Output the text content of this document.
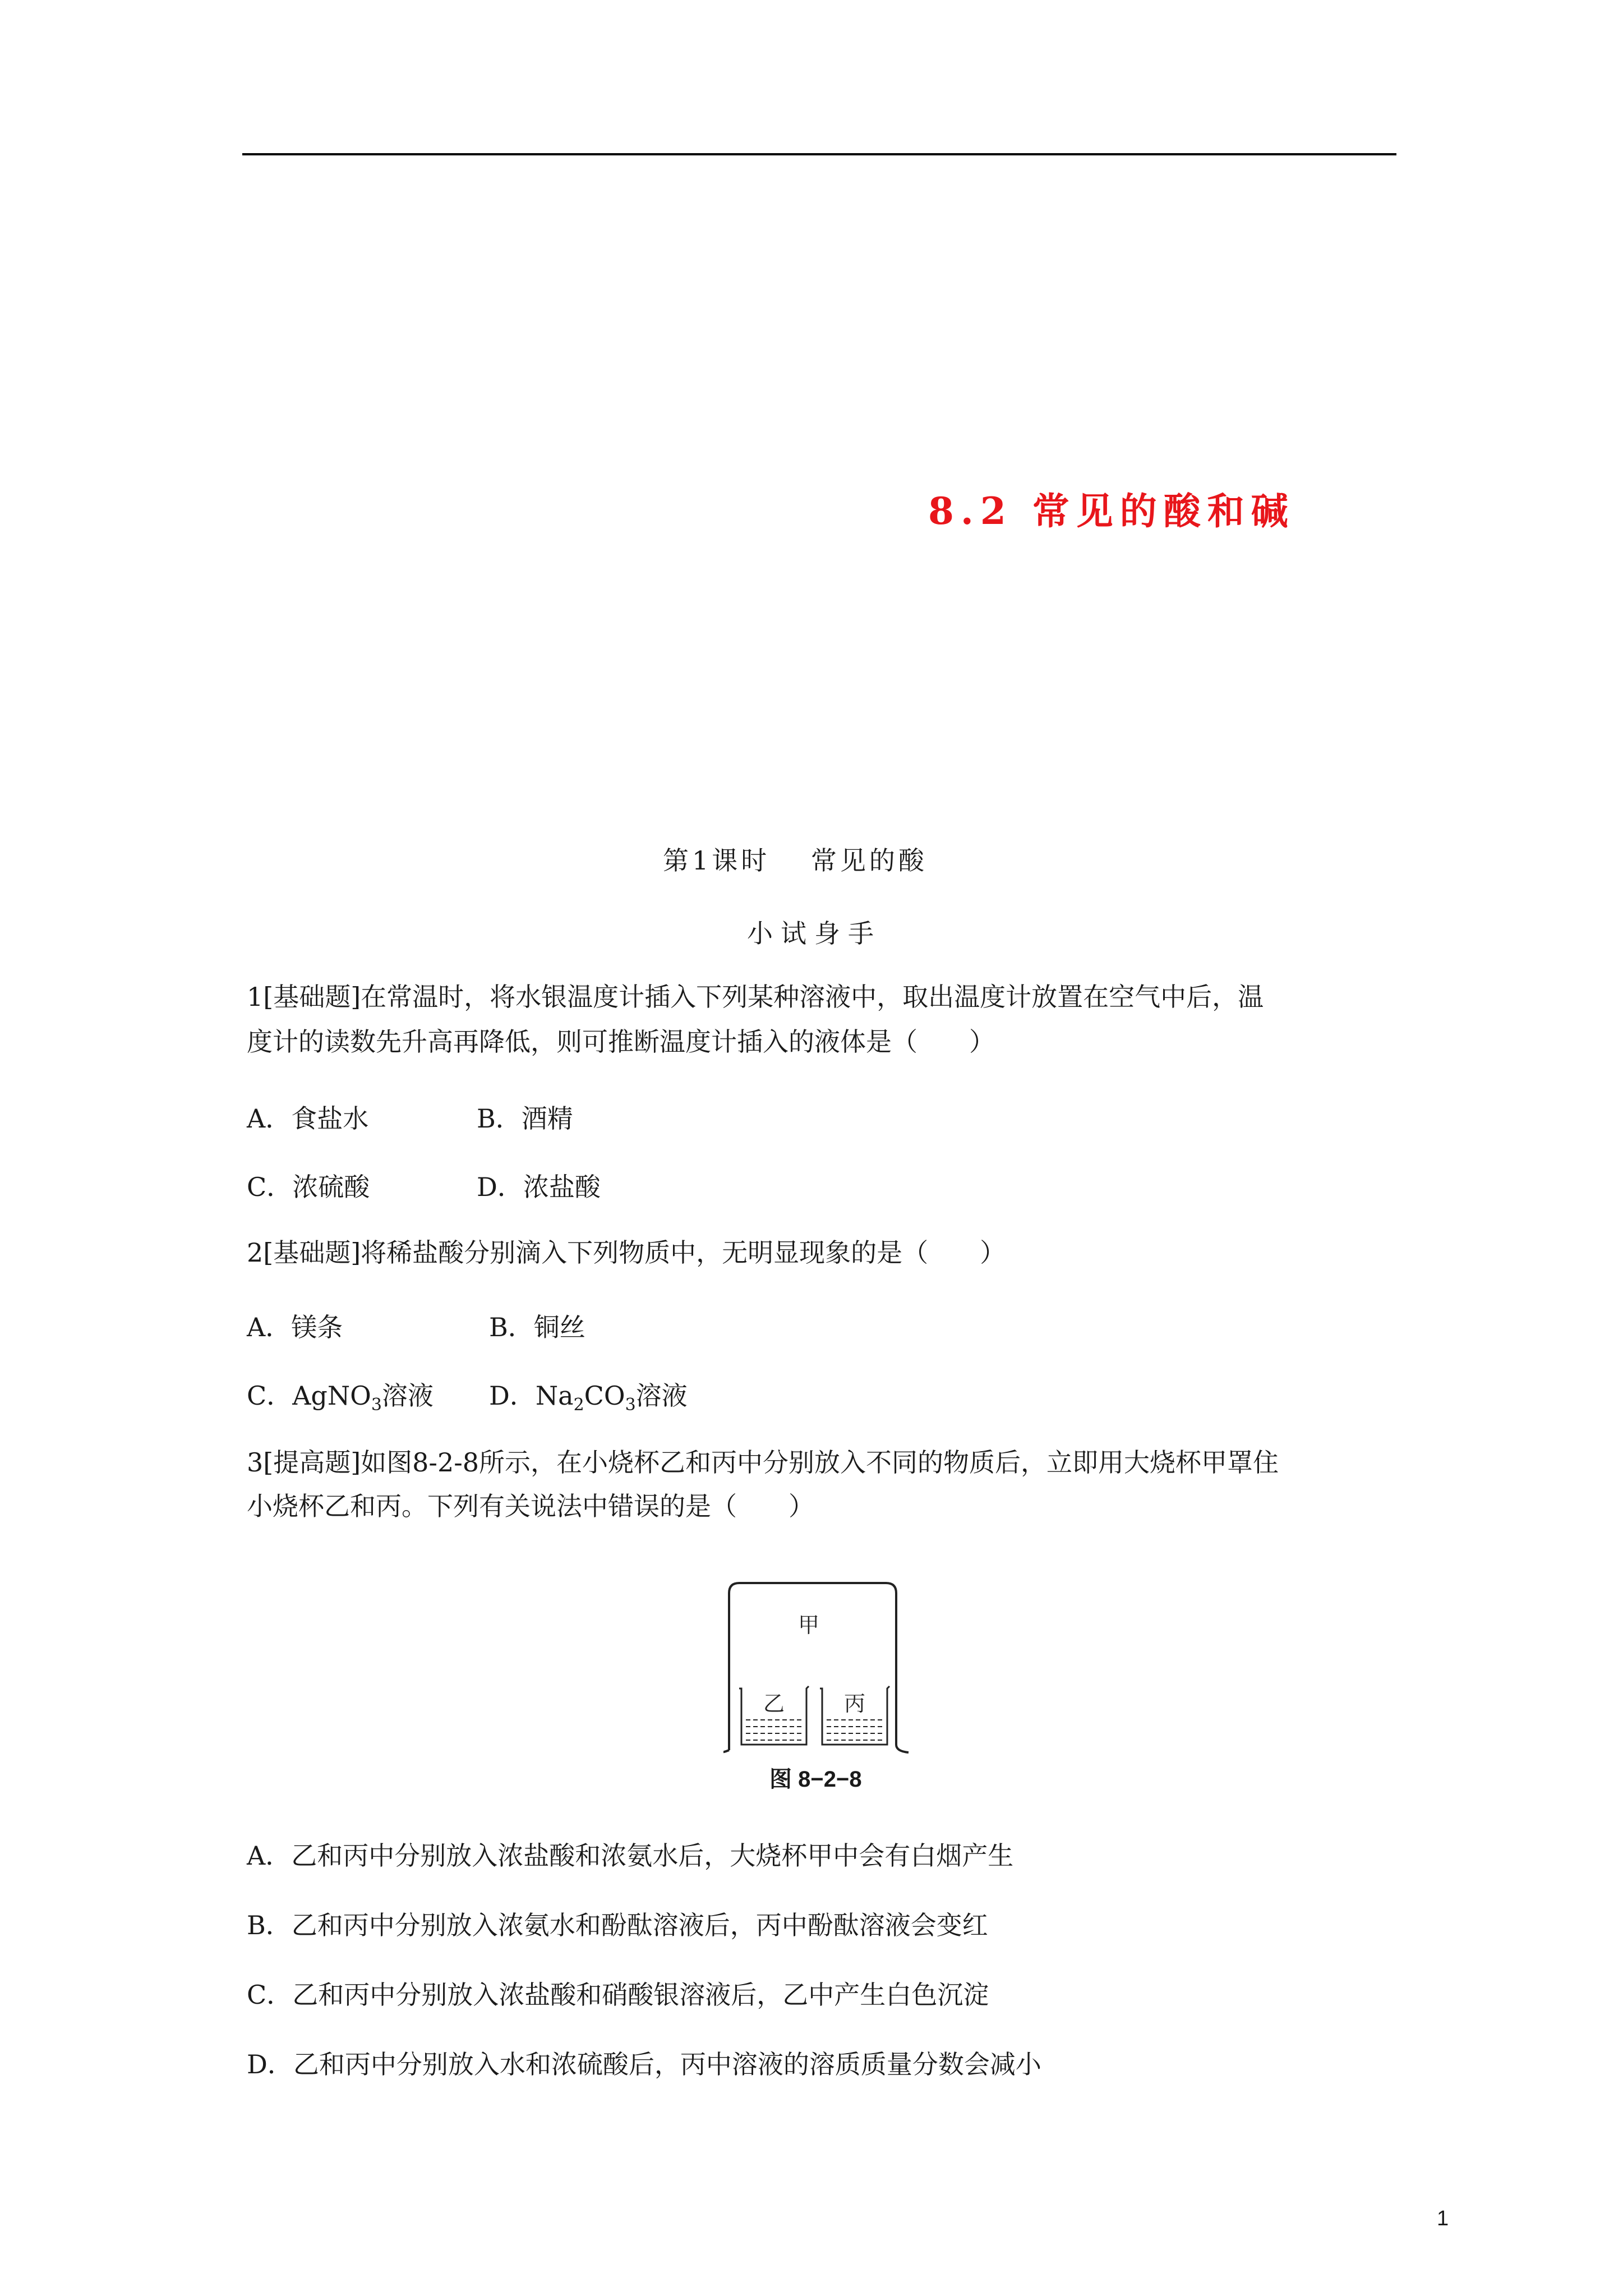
8.2 常见的酸和碱
第1课时　 常见的酸
小试身手
1[基础题]在常温时，将水银温度计插入下列某种溶液中，取出温度计放置在空气中后，温
度计的读数先升高再降低，则可推断温度计插入的液体是（　　）
A．食盐水	B．酒精
C．浓硫酸	D．浓盐酸
2[基础题]将稀盐酸分别滴入下列物质中，无明显现象的是（　　）
A．镁条	B．铜丝
C．AgNO$_3$溶液 D．$Na_2CO_3$溶液
3[提高题]如图8-2-8所示，在小烧杯乙和丙中分别放入不同的物质后，立即用大烧杯甲罩住
小烧杯乙和丙。下列有关说法中错误的是（　　）
甲
乙	丙
图 8−2−8
A．乙和丙中分别放入浓盐酸和浓氨水后，大烧杯甲中会有白烟产生
B．乙和丙中分别放入浓氨水和酚酞溶液后，丙中酚酞溶液会变红
C．乙和丙中分别放入浓盐酸和硝酸银溶液后，乙中产生白色沉淀
D．乙和丙中分别放入水和浓硫酸后，丙中溶液的溶质质量分数会减小
1
